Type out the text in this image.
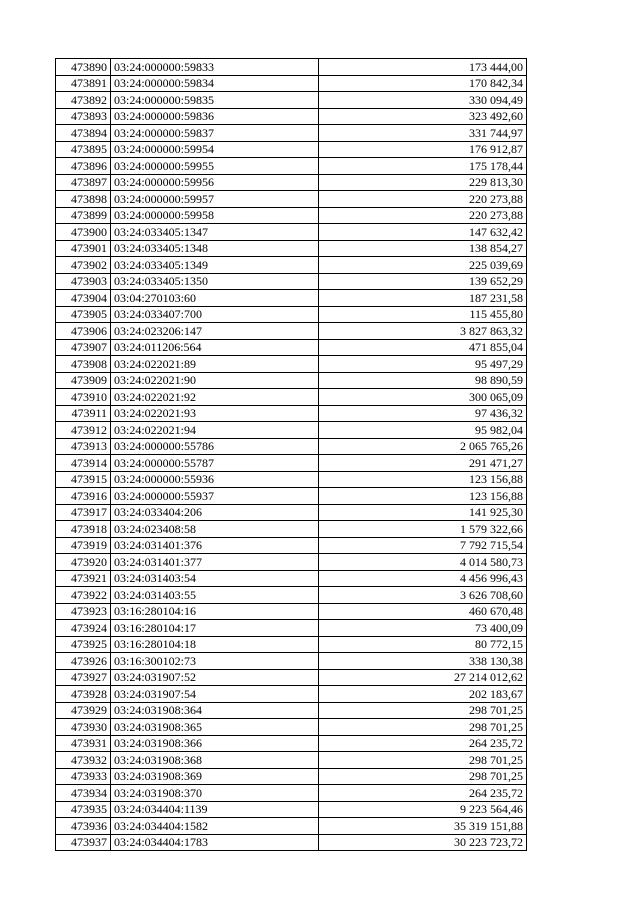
473890	03:24:000000:59833	173 444,00
473891	03:24:000000:59834	170 842,34
473892	03:24:000000:59835	330 094,49
473893	03:24:000000:59836	323 492,60
473894	03:24:000000:59837	331 744,97
473895	03:24:000000:59954	176 912,87
473896	03:24:000000:59955	175 178,44
473897	03:24:000000:59956	229 813,30
473898	03:24:000000:59957	220 273,88
473899	03:24:000000:59958	220 273,88
473900	03:24:033405:1347	147 632,42
473901	03:24:033405:1348	138 854,27
473902	03:24:033405:1349	225 039,69
473903	03:24:033405:1350	139 652,29
473904	03:04:270103:60	187 231,58
473905	03:24:033407:700	115 455,80
473906	03:24:023206:147	3 827 863,32
473907	03:24:011206:564	471 855,04
473908	03:24:022021:89	95 497,29
473909	03:24:022021:90	98 890,59
473910	03:24:022021:92	300 065,09
473911	03:24:022021:93	97 436,32
473912	03:24:022021:94	95 982,04
473913	03:24:000000:55786	2 065 765,26
473914	03:24:000000:55787	291 471,27
473915	03:24:000000:55936	123 156,88
473916	03:24:000000:55937	123 156,88
473917	03:24:033404:206	141 925,30
473918	03:24:023408:58	1 579 322,66
473919	03:24:031401:376	7 792 715,54
473920	03:24:031401:377	4 014 580,73
473921	03:24:031403:54	4 456 996,43
473922	03:24:031403:55	3 626 708,60
473923	03:16:280104:16	460 670,48
473924	03:16:280104:17	73 400,09
473925	03:16:280104:18	80 772,15
473926	03:16:300102:73	338 130,38
473927	03:24:031907:52	27 214 012,62
473928	03:24:031907:54	202 183,67
473929	03:24:031908:364	298 701,25
473930	03:24:031908:365	298 701,25
473931	03:24:031908:366	264 235,72
473932	03:24:031908:368	298 701,25
473933	03:24:031908:369	298 701,25
473934	03:24:031908:370	264 235,72
473935	03:24:034404:1139	9 223 564,46
473936	03:24:034404:1582	35 319 151,88
473937	03:24:034404:1783	30 223 723,72
